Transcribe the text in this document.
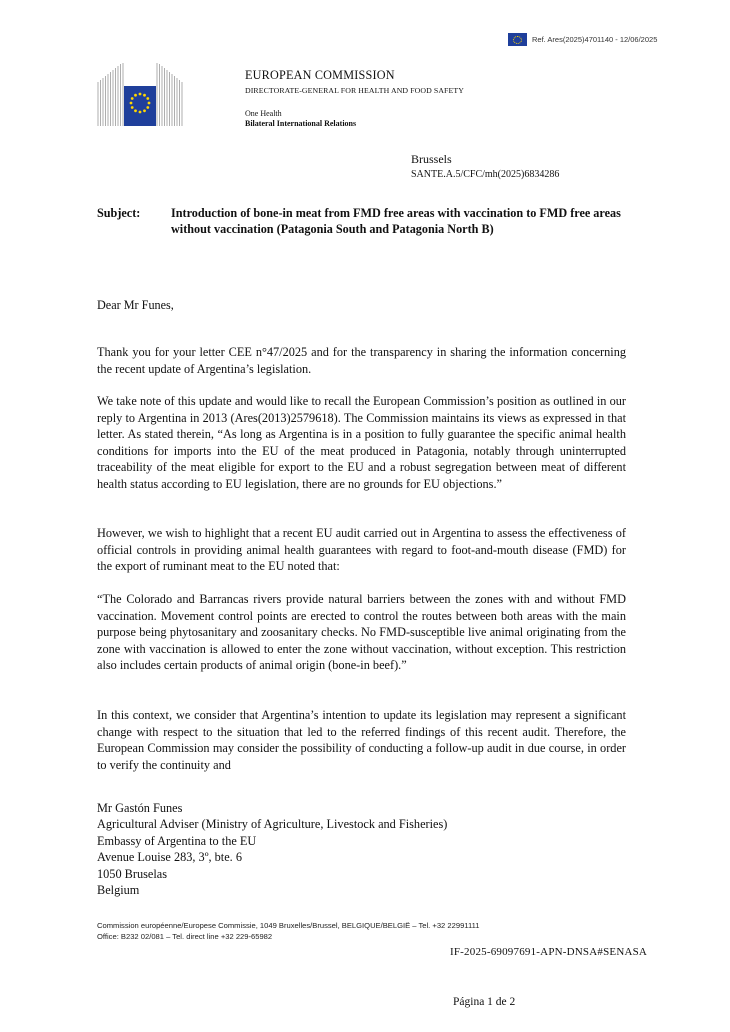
Ref. Ares(2025)4701140 - 12/06/2025
EUROPEAN COMMISSION
DIRECTORATE-GENERAL FOR HEALTH AND FOOD SAFETY
One Health
Bilateral International Relations
Brussels
SANTE.A.5/CFC/mh(2025)6834286
Subject:	Introduction of bone-in meat from FMD free areas with vaccination to FMD free areas without vaccination (Patagonia South and Patagonia North B)
Dear Mr Funes,
Thank you for your letter CEE n°47/2025 and for the transparency in sharing the information concerning the recent update of Argentina’s legislation.
We take note of this update and would like to recall the European Commission’s position as outlined in our reply to Argentina in 2013 (Ares(2013)2579618). The Commission maintains its views as expressed in that letter. As stated therein, “As long as Argentina is in a position to fully guarantee the specific animal health conditions for imports into the EU of the meat produced in Patagonia, notably through uninterrupted traceability of the meat eligible for export to the EU and a robust segregation between meat of different health status according to EU legislation, there are no grounds for EU objections.”
However, we wish to highlight that a recent EU audit carried out in Argentina to assess the effectiveness of official controls in providing animal health guarantees with regard to foot-and-mouth disease (FMD) for the export of ruminant meat to the EU noted that:
“The Colorado and Barrancas rivers provide natural barriers between the zones with and without FMD vaccination. Movement control points are erected to control the routes between both areas with the main purpose being phytosanitary and zoosanitary checks. No FMD-susceptible live animal originating from the zone with vaccination is allowed to enter the zone without vaccination, without exception. This restriction also includes certain products of animal origin (bone-in beef).”
In this context, we consider that Argentina’s intention to update its legislation may represent a significant change with respect to the situation that led to the referred findings of this recent audit. Therefore, the European Commission may consider the possibility of conducting a follow-up audit in due course, in order to verify the continuity and
Mr Gastón Funes
Agricultural Adviser (Ministry of Agriculture, Livestock and Fisheries)
Embassy of Argentina to the EU
Avenue Louise 283, 3º, bte. 6
1050 Bruselas
Belgium
Commission européenne/Europese Commissie, 1049 Bruxelles/Brussel, BELGIQUE/BELGIË – Tel. +32 22991111
Office: B232 02/081 – Tel. direct line +32 229-65982
IF-2025-69097691-APN-DNSA#SENASA
Página 1 de 2
